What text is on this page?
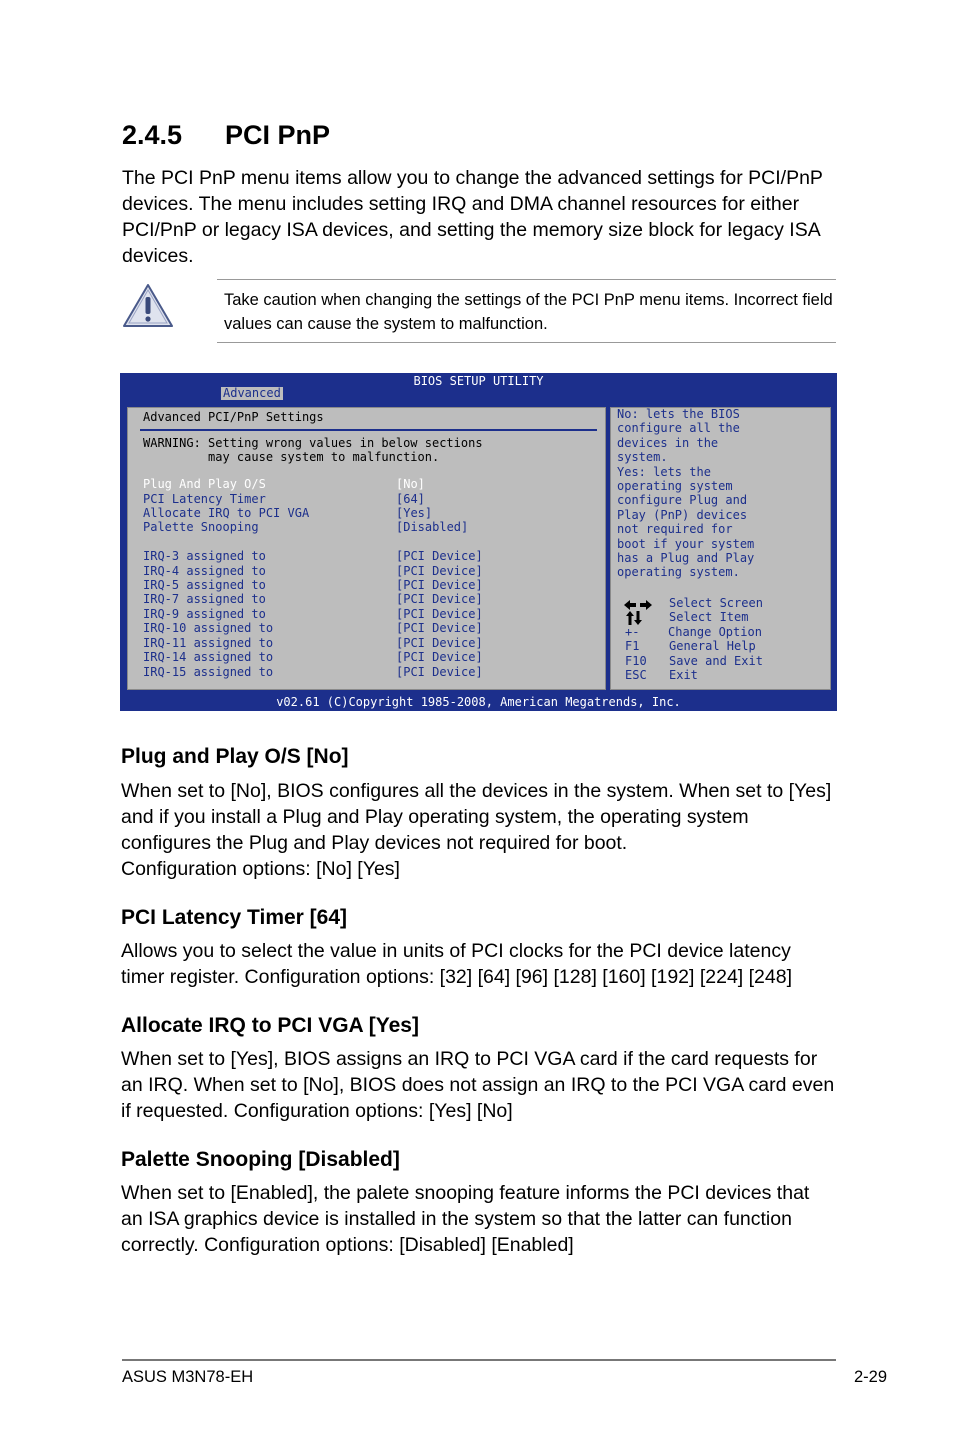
2.4.5 PCI PnP

The PCI PnP menu items allow you to change the advanced settings for PCI/PnP devices. The menu includes setting IRQ and DMA channel resources for either PCI/PnP or legacy ISA devices, and setting the memory size block for legacy ISA devices.

Take caution when changing the settings of the PCI PnP menu items. Incorrect field values can cause the system to malfunction.

BIOS SETUP UTILITY
Advanced
Advanced PCI/PnP Settings
WARNING: Setting wrong values in below sections
may cause system to malfunction.
Plug And Play O/S	[No]
PCI Latency Timer	[64]
Allocate IRQ to PCI VGA	[Yes]
Palette Snooping	[Disabled]
IRQ-3 assigned to	[PCI Device]
IRQ-4 assigned to	[PCI Device]
IRQ-5 assigned to	[PCI Device]
IRQ-7 assigned to	[PCI Device]
IRQ-9 assigned to	[PCI Device]
IRQ-10 assigned to	[PCI Device]
IRQ-11 assigned to	[PCI Device]
IRQ-14 assigned to	[PCI Device]
IRQ-15 assigned to	[PCI Device]
No: lets the BIOS
configure all the
devices in the
system.
Yes: lets the
operating system
configure Plug and
Play (PnP) devices
not required for
boot if your system
has a Plug and Play
operating system.
Select Screen
Select Item
+- Change Option
F1 General Help
F10 Save and Exit
ESC Exit
v02.61 (C)Copyright 1985-2008, American Megatrends, Inc.
Plug and Play O/S [No]

When set to [No], BIOS configures all the devices in the system. When set to [Yes] and if you install a Plug and Play operating system, the operating system configures the Plug and Play devices not required for boot.

Configuration options: [No] [Yes]

PCI Latency Timer [64]

Allows you to select the value in units of PCI clocks for the PCI device latency timer register. Configuration options: [32] [64] [96] [128] [160] [192] [224] [248]

Allocate IRQ to PCI VGA [Yes]

When set to [Yes], BIOS assigns an IRQ to PCI VGA card if the card requests for an IRQ. When set to [No], BIOS does not assign an IRQ to the PCI VGA card even if requested. Configuration options: [Yes] [No]

Palette Snooping [Disabled]

When set to [Enabled], the palete snooping feature informs the PCI devices that an ISA graphics device is installed in the system so that the latter can function correctly. Configuration options: [Disabled] [Enabled]

ASUS M3N78-EH	2-29
